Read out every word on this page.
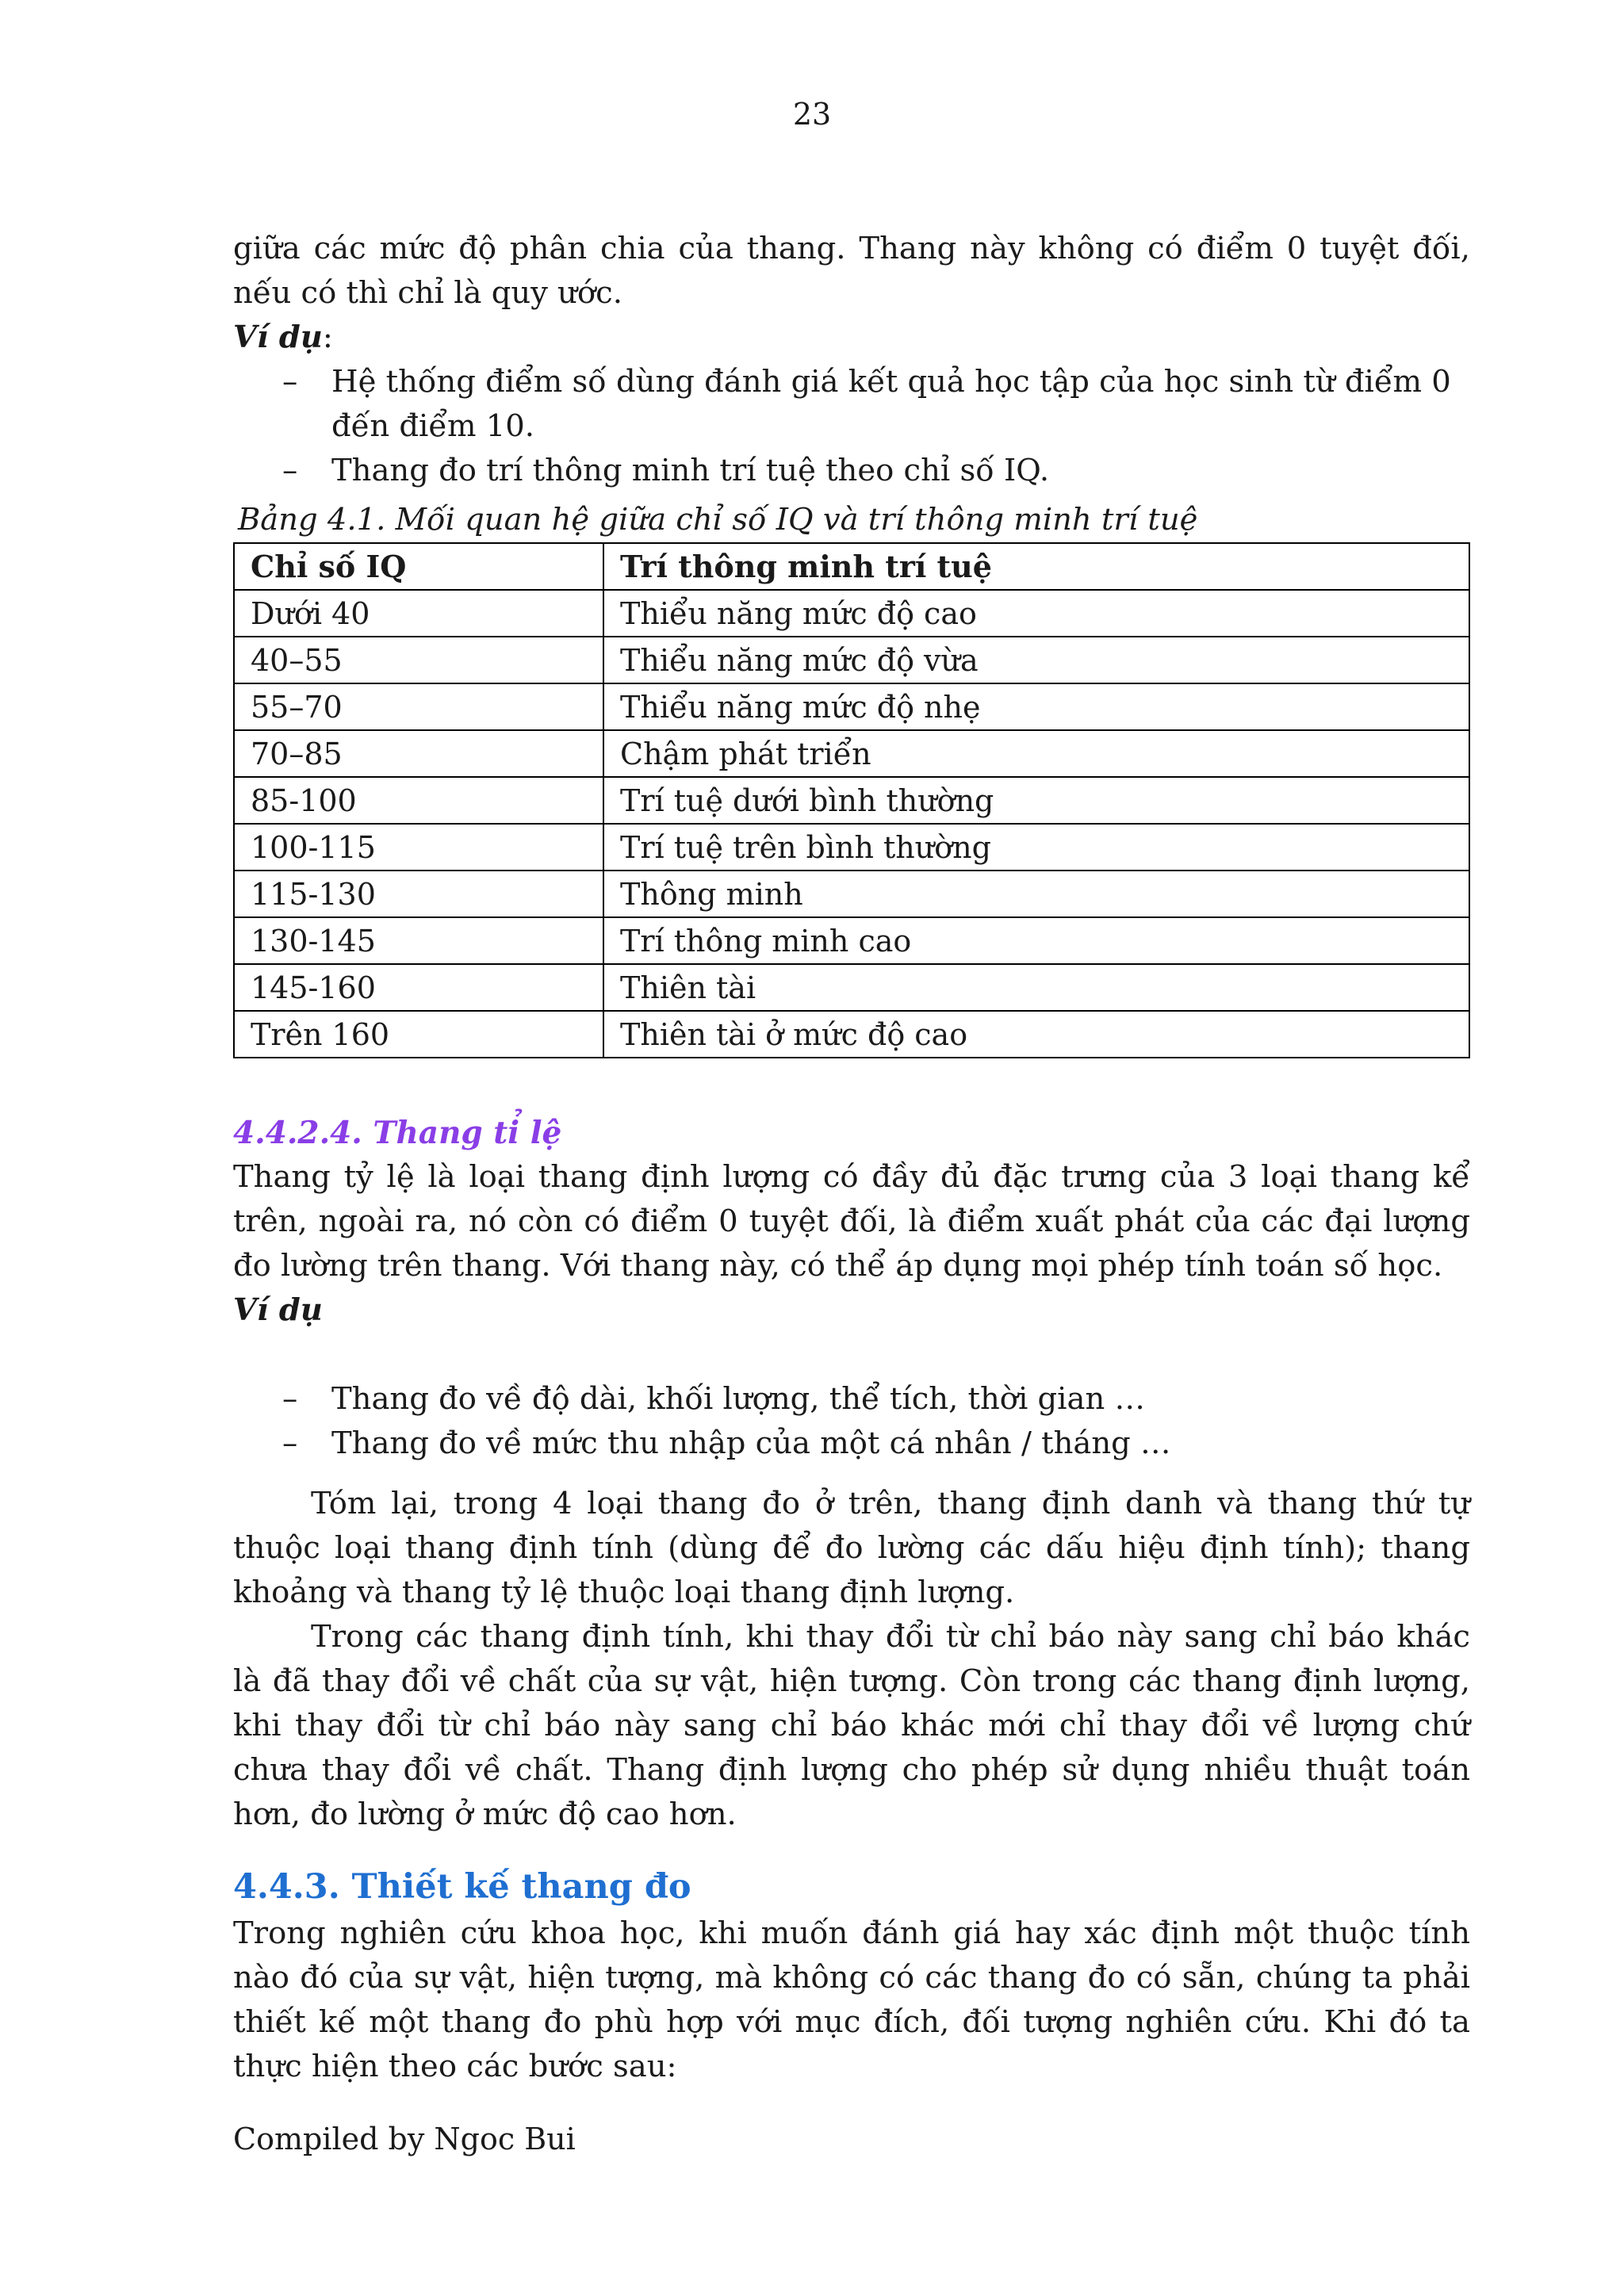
23

giữa các mức độ phân chia của thang. Thang này không có điểm 0 tuyệt đối, nếu có thì chỉ là quy ước.

Ví dụ:

– Hệ thống điểm số dùng đánh giá kết quả học tập của học sinh từ điểm 0 đến điểm 10.
– Thang đo trí thông minh trí tuệ theo chỉ số IQ.

Bảng 4.1. Mối quan hệ giữa chỉ số IQ và trí thông minh trí tuệ

Chỉ số IQ	Trí thông minh trí tuệ
Dưới 40	Thiểu năng mức độ cao
40–55	Thiểu năng mức độ vừa
55–70	Thiểu năng mức độ nhẹ
70–85	Chậm phát triển
85-100	Trí tuệ dưới bình thường
100-115	Trí tuệ trên bình thường
115-130	Thông minh
130-145	Trí thông minh cao
145-160	Thiên tài
Trên 160	Thiên tài ở mức độ cao

4.4.2.4. Thang tỉ lệ

Thang tỷ lệ là loại thang định lượng có đầy đủ đặc trưng của 3 loại thang kể trên, ngoài ra, nó còn có điểm 0 tuyệt đối, là điểm xuất phát của các đại lượng đo lường trên thang. Với thang này, có thể áp dụng mọi phép tính toán số học.

Ví dụ

– Thang đo về độ dài, khối lượng, thể tích, thời gian …
– Thang đo về mức thu nhập của một cá nhân / tháng …

Tóm lại, trong 4 loại thang đo ở trên, thang định danh và thang thứ tự thuộc loại thang định tính (dùng để đo lường các dấu hiệu định tính); thang khoảng và thang tỷ lệ thuộc loại thang định lượng.

Trong các thang định tính, khi thay đổi từ chỉ báo này sang chỉ báo khác là đã thay đổi về chất của sự vật, hiện tượng. Còn trong các thang định lượng, khi thay đổi từ chỉ báo này sang chỉ báo khác mới chỉ thay đổi về lượng chứ chưa thay đổi về chất. Thang định lượng cho phép sử dụng nhiều thuật toán hơn, đo lường ở mức độ cao hơn.

4.4.3. Thiết kế thang đo

Trong nghiên cứu khoa học, khi muốn đánh giá hay xác định một thuộc tính nào đó của sự vật, hiện tượng, mà không có các thang đo có sẵn, chúng ta phải thiết kế một thang đo phù hợp với mục đích, đối tượng nghiên cứu. Khi đó ta thực hiện theo các bước sau:

Compiled by Ngoc Bui
